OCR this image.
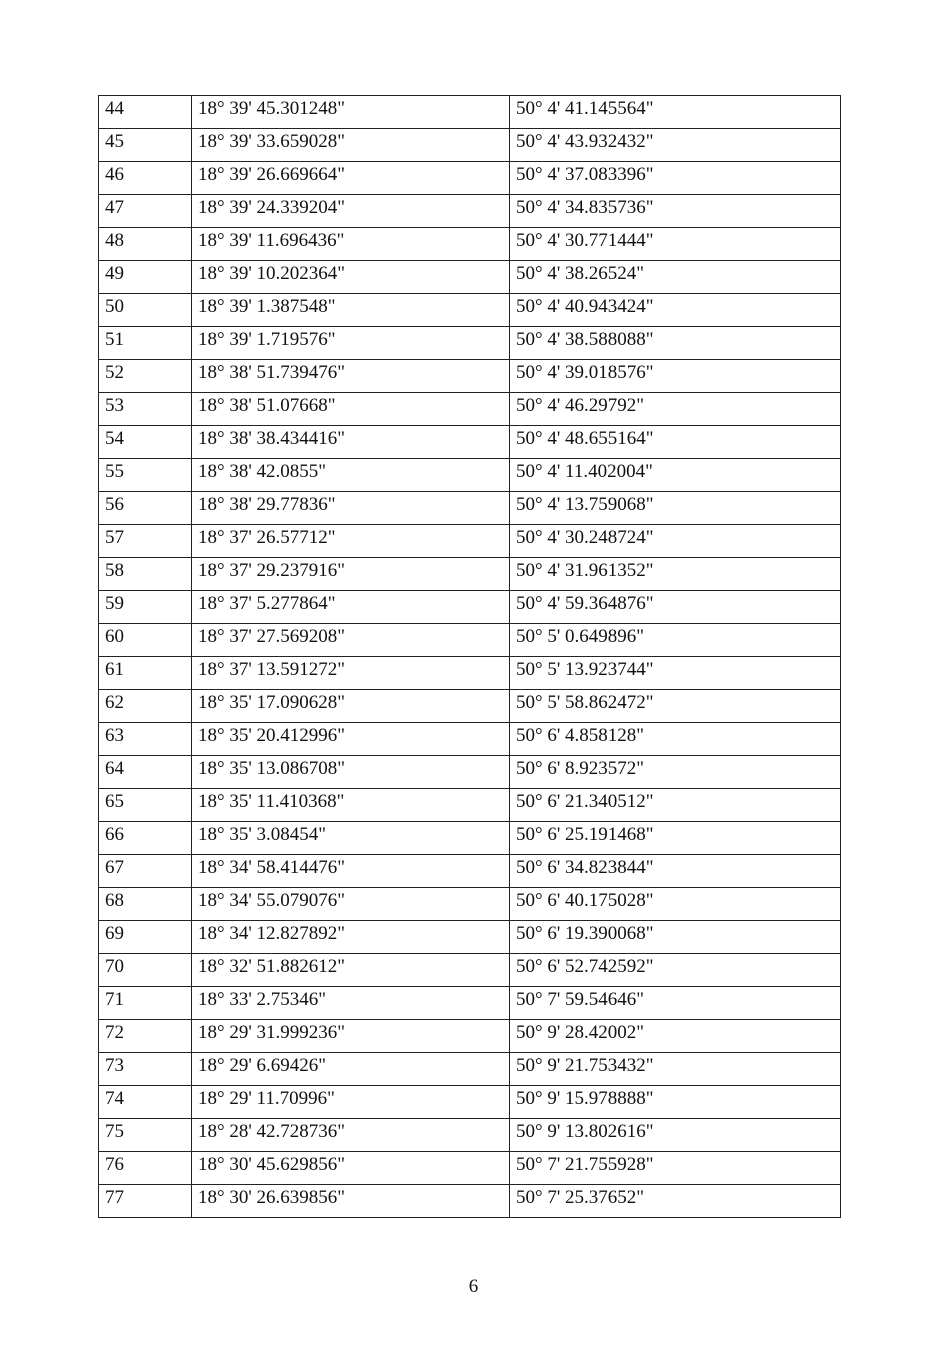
44	18° 39' 45.301248"	50° 4' 41.145564"
45	18° 39' 33.659028"	50° 4' 43.932432"
46	18° 39' 26.669664"	50° 4' 37.083396"
47	18° 39' 24.339204"	50° 4' 34.835736"
48	18° 39' 11.696436"	50° 4' 30.771444"
49	18° 39' 10.202364"	50° 4' 38.26524"
50	18° 39' 1.387548"	50° 4' 40.943424"
51	18° 39' 1.719576"	50° 4' 38.588088"
52	18° 38' 51.739476"	50° 4' 39.018576"
53	18° 38' 51.07668"	50° 4' 46.29792"
54	18° 38' 38.434416"	50° 4' 48.655164"
55	18° 38' 42.0855"	50° 4' 11.402004"
56	18° 38' 29.77836"	50° 4' 13.759068"
57	18° 37' 26.57712"	50° 4' 30.248724"
58	18° 37' 29.237916"	50° 4' 31.961352"
59	18° 37' 5.277864"	50° 4' 59.364876"
60	18° 37' 27.569208"	50° 5' 0.649896"
61	18° 37' 13.591272"	50° 5' 13.923744"
62	18° 35' 17.090628"	50° 5' 58.862472"
63	18° 35' 20.412996"	50° 6' 4.858128"
64	18° 35' 13.086708"	50° 6' 8.923572"
65	18° 35' 11.410368"	50° 6' 21.340512"
66	18° 35' 3.08454"	50° 6' 25.191468"
67	18° 34' 58.414476"	50° 6' 34.823844"
68	18° 34' 55.079076"	50° 6' 40.175028"
69	18° 34' 12.827892"	50° 6' 19.390068"
70	18° 32' 51.882612"	50° 6' 52.742592"
71	18° 33' 2.75346"	50° 7' 59.54646"
72	18° 29' 31.999236"	50° 9' 28.42002"
73	18° 29' 6.69426"	50° 9' 21.753432"
74	18° 29' 11.70996"	50° 9' 15.978888"
75	18° 28' 42.728736"	50° 9' 13.802616"
76	18° 30' 45.629856"	50° 7' 21.755928"
77	18° 30' 26.639856"	50° 7' 25.37652"
6
